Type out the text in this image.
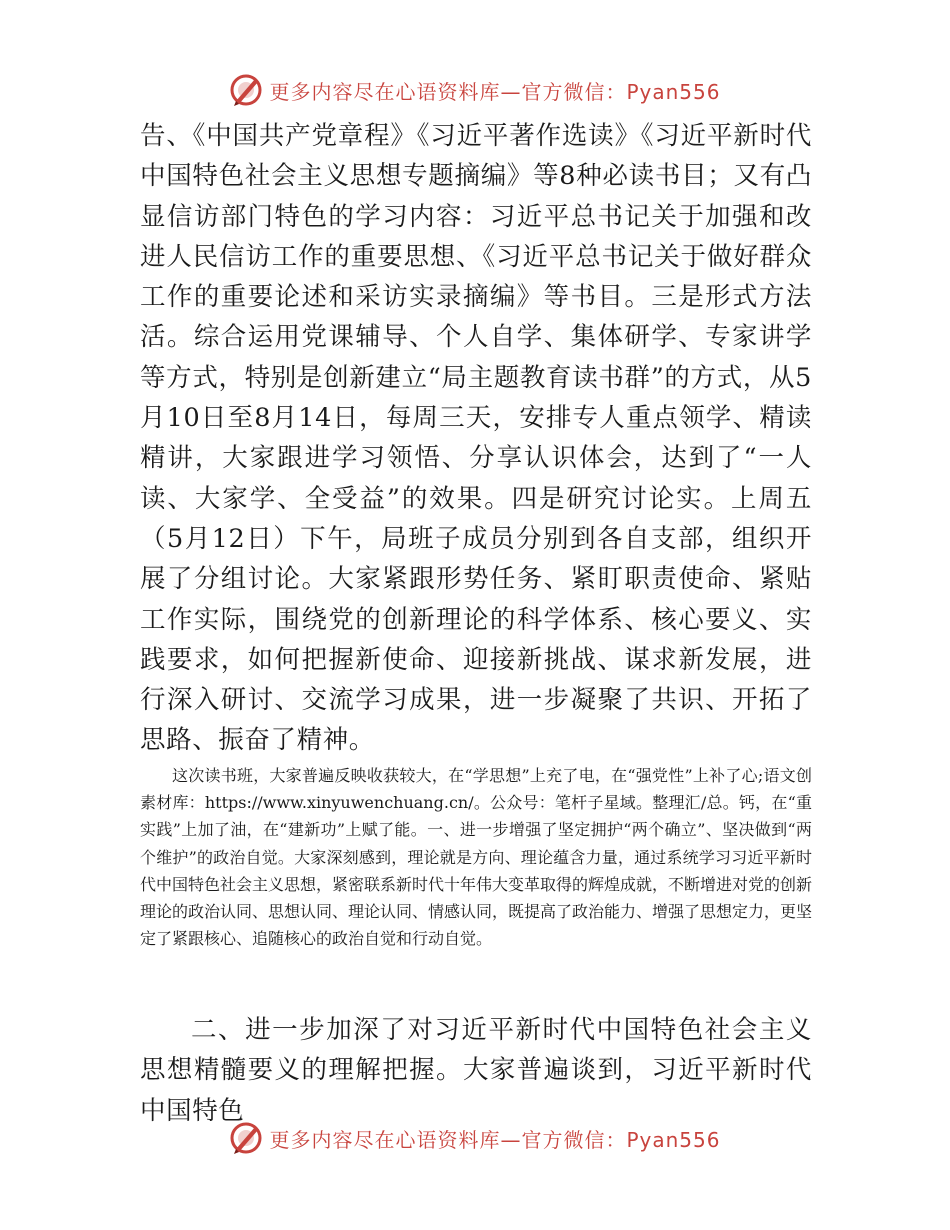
更多内容尽在心语资料库—官方微信：Pyan556

告、《中国共产党章程》《习近平著作选读》《习近平新时代中国特色社会主义思想专题摘编》等8种必读书目；又有凸显信访部门特色的学习内容：习近平总书记关于加强和改进人民信访工作的重要思想、《习近平总书记关于做好群众工作的重要论述和采访实录摘编》等书目。三是形式方法活。综合运用党课辅导、个人自学、集体研学、专家讲学等方式，特别是创新建立“局主题教育读书群”的方式，从5月10日至8月14日，每周三天，安排专人重点领学、精读精讲，大家跟进学习领悟、分享认识体会，达到了“一人读、大家学、全受益”的效果。四是研究讨论实。上周五（5月12日）下午，局班子成员分别到各自支部，组织开展了分组讨论。大家紧跟形势任务、紧盯职责使命、紧贴工作实际，围绕党的创新理论的科学体系、核心要义、实践要求，如何把握新使命、迎接新挑战、谋求新发展，进行深入研讨、交流学习成果，进一步凝聚了共识、开拓了思路、振奋了精神。

这次读书班，大家普遍反映收获较大，在“学思想”上充了电，在“强党性”上补了心;语文创素材库：https://www.xinyuwenchuang.cn/。公众号：笔杆子星域。整理汇/总。钙，在“重实践”上加了油，在“建新功”上赋了能。一、进一步增强了坚定拥护“两个确立”、坚决做到“两个维护”的政治自觉。大家深刻感到，理论就是方向、理论蕴含力量，通过系统学习习近平新时代中国特色社会主义思想，紧密联系新时代十年伟大变革取得的辉煌成就，不断增进对党的创新理论的政治认同、思想认同、理论认同、情感认同，既提高了政治能力、增强了思想定力，更坚定了紧跟核心、追随核心的政治自觉和行动自觉。

二、进一步加深了对习近平新时代中国特色社会主义思想精髓要义的理解把握。大家普遍谈到，习近平新时代中国特色

更多内容尽在心语资料库—官方微信：Pyan556
